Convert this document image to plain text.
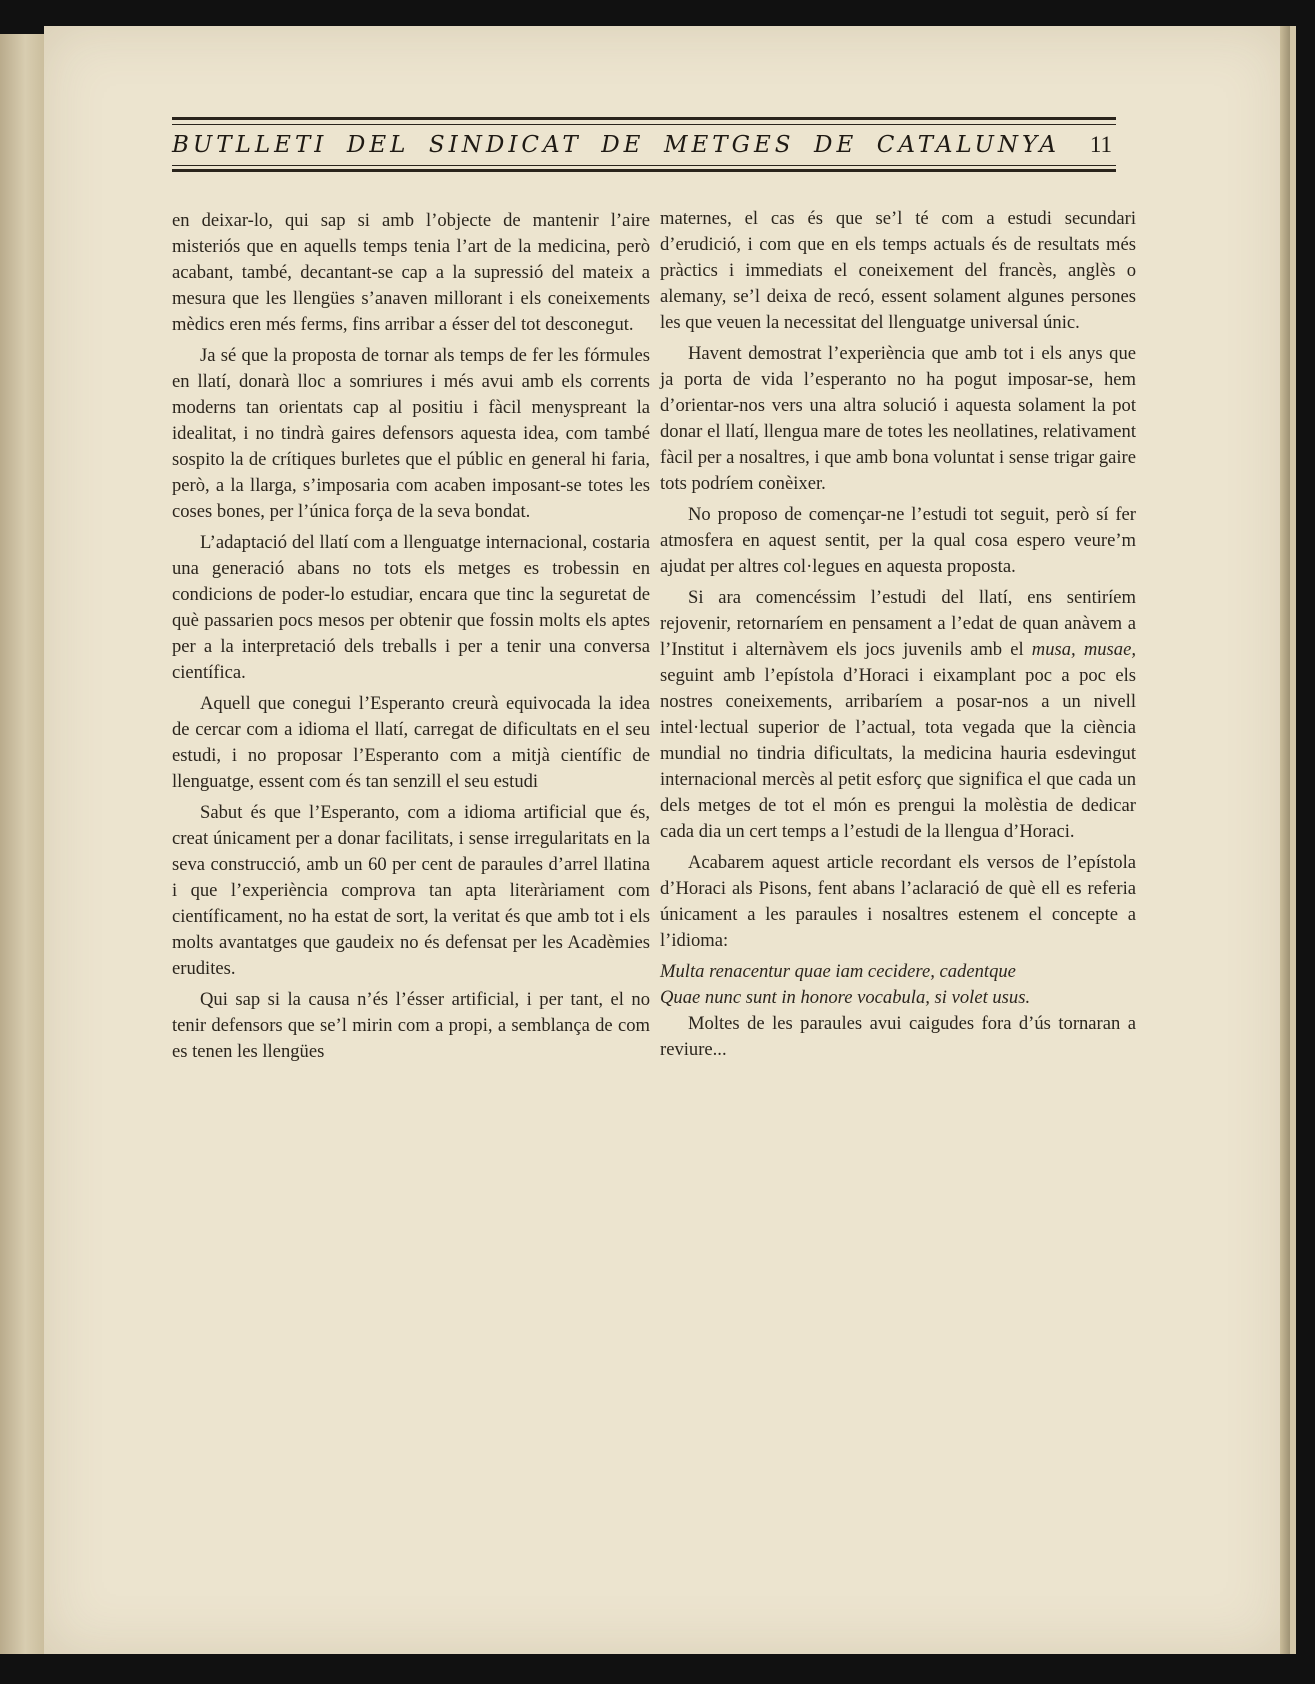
BUTLLETI DEL SINDICAT DE METGES DE CATALUNYA 11

en deixar-lo, qui sap si amb l’objecte de mantenir l’aire misteriós que en aquells temps tenia l’art de la medicina, però acabant, també, decantant-se cap a la supressió del mateix a mesura que les llengües s’anaven millorant i els coneixements mèdics eren més ferms, fins arribar a ésser del tot desconegut.

Ja sé que la proposta de tornar als temps de fer les fórmules en llatí, donarà lloc a somriures i més avui amb els corrents moderns tan orientats cap al positiu i fàcil menyspreant la idealitat, i no tindrà gaires defensors aquesta idea, com també sospito la de crítiques burletes que el públic en general hi faria, però, a la llarga, s’imposaria com acaben imposant-se totes les coses bones, per l’única força de la seva bondat.

L’adaptació del llatí com a llenguatge internacional, costaria una generació abans no tots els metges es trobessin en condicions de poder-lo estudiar, encara que tinc la seguretat de què passarien pocs mesos per obtenir que fossin molts els aptes per a la interpretació dels treballs i per a tenir una conversa científica.

Aquell que conegui l’Esperanto creurà equivocada la idea de cercar com a idioma el llatí, carregat de dificultats en el seu estudi, i no proposar l’Esperanto com a mitjà científic de llenguatge, essent com és tan senzill el seu estudi

Sabut és que l’Esperanto, com a idioma artificial que és, creat únicament per a donar facilitats, i sense irregularitats en la seva construcció, amb un 60 per cent de paraules d’arrel llatina i que l’experiència comprova tan apta literàriament com científicament, no ha estat de sort, la veritat és que amb tot i els molts avantatges que gaudeix no és defensat per les Acadèmies erudites.

Qui sap si la causa n’és l’ésser artificial, i per tant, el no tenir defensors que se’l mirin com a propi, a semblança de com es tenen les llengües

maternes, el cas és que se’l té com a estudi secundari d’erudició, i com que en els temps actuals és de resultats més pràctics i immediats el coneixement del francès, anglès o alemany, se’l deixa de recó, essent solament algunes persones les que veuen la necessitat del llenguatge universal únic.

Havent demostrat l’experiència que amb tot i els anys que ja porta de vida l’esperanto no ha pogut imposar-se, hem d’orientar-nos vers una altra solució i aquesta solament la pot donar el llatí, llengua mare de totes les neollatines, relativament fàcil per a nosaltres, i que amb bona voluntat i sense trigar gaire tots podríem conèixer.

No proposo de començar-ne l’estudi tot seguit, però sí fer atmosfera en aquest sentit, per la qual cosa espero veure’m ajudat per altres col·legues en aquesta proposta.

Si ara comencéssim l’estudi del llatí, ens sentiríem rejovenir, retornaríem en pensament a l’edat de quan anàvem a l’Institut i alternàvem els jocs juvenils amb el musa, musae, seguint amb l’epístola d’Horaci i eixamplant poc a poc els nostres coneixements, arribaríem a posar-nos a un nivell intel·lectual superior de l’actual, tota vegada que la ciència mundial no tindria dificultats, la medicina hauria esdevingut internacional mercès al petit esforç que significa el que cada un dels metges de tot el món es prengui la molèstia de dedicar cada dia un cert temps a l’estudi de la llengua d’Horaci.

Acabarem aquest article recordant els versos de l’epístola d’Horaci als Pisons, fent abans l’aclaració de què ell es referia únicament a les paraules i nosaltres estenem el concepte a l’idioma:

Multa renacentur quae iam cecidere, cadentque

Quae nunc sunt in honore vocabula, si volet usus.

Moltes de les paraules avui caigudes fora d’ús tornaran a reviure...
